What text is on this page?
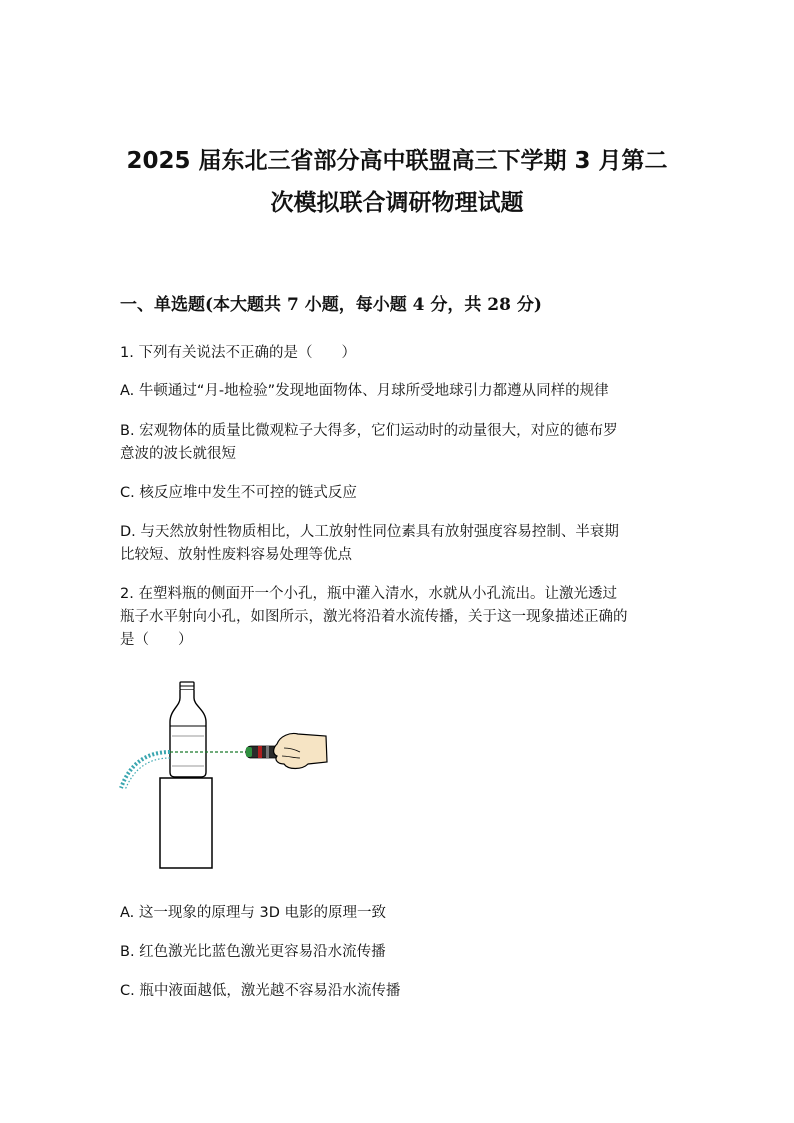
2025 届东北三省部分高中联盟高三下学期 3 月第二
次模拟联合调研物理试题

一、单选题(本大题共 7 小题，每小题 4 分，共 28 分)

1. 下列有关说法不正确的是（　　）

A. 牛顿通过“月-地检验”发现地面物体、月球所受地球引力都遵从同样的规律

B. 宏观物体的质量比微观粒子大得多，它们运动时的动量很大，对应的德布罗

意波的波长就很短

C. 核反应堆中发生不可控的链式反应

D. 与天然放射性物质相比，人工放射性同位素具有放射强度容易控制、半衰期

比较短、放射性废料容易处理等优点

2. 在塑料瓶的侧面开一个小孔，瓶中灌入清水，水就从小孔流出。让激光透过

瓶子水平射向小孔，如图所示，激光将沿着水流传播，关于这一现象描述正确的

是（　　）

A. 这一现象的原理与 3D 电影的原理一致

B. 红色激光比蓝色激光更容易沿水流传播

C. 瓶中液面越低，激光越不容易沿水流传播
